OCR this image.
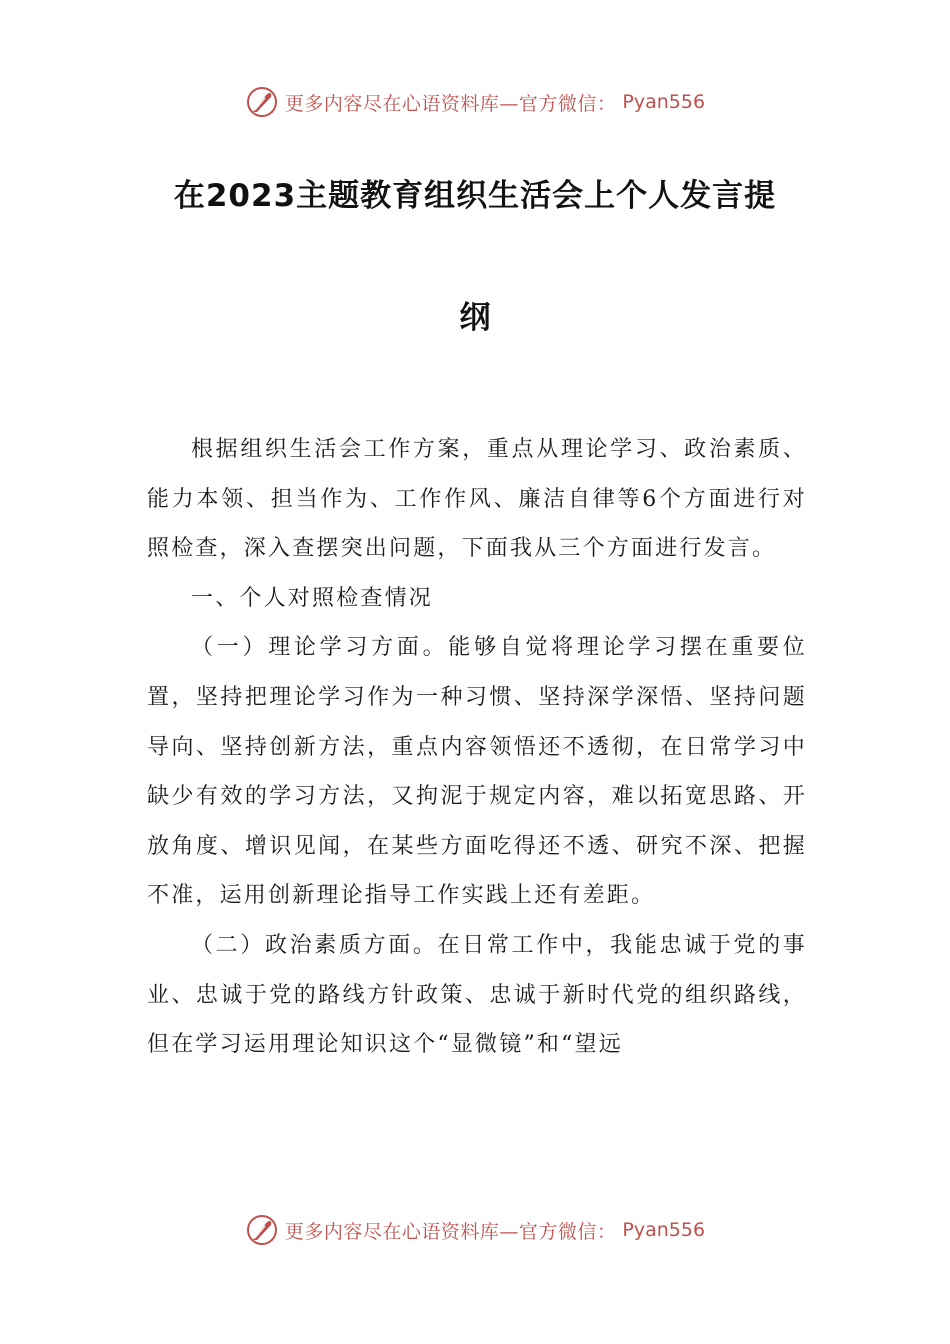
更多内容尽在心语资料库—官方微信： Pyan556
在2023主题教育组织生活会上个人发言提
纲

根据组织生活会工作方案，重点从理论学习、政治素质、能力本领、担当作为、工作作风、廉洁自律等6个方面进行对照检查，深入查摆突出问题，下面我从三个方面进行发言。

一、个人对照检查情况

（一）理论学习方面。能够自觉将理论学习摆在重要位置，坚持把理论学习作为一种习惯、坚持深学深悟、坚持问题导向、坚持创新方法，重点内容领悟还不透彻，在日常学习中缺少有效的学习方法，又拘泥于规定内容，难以拓宽思路、开放角度、增识见闻，在某些方面吃得还不透、研究不深、把握不准，运用创新理论指导工作实践上还有差距。

（二）政治素质方面。在日常工作中，我能忠诚于党的事业、忠诚于党的路线方针政策、忠诚于新时代党的组织路线，但在学习运用理论知识这个“显微镜”和“望远

更多内容尽在心语资料库—官方微信： Pyan556
